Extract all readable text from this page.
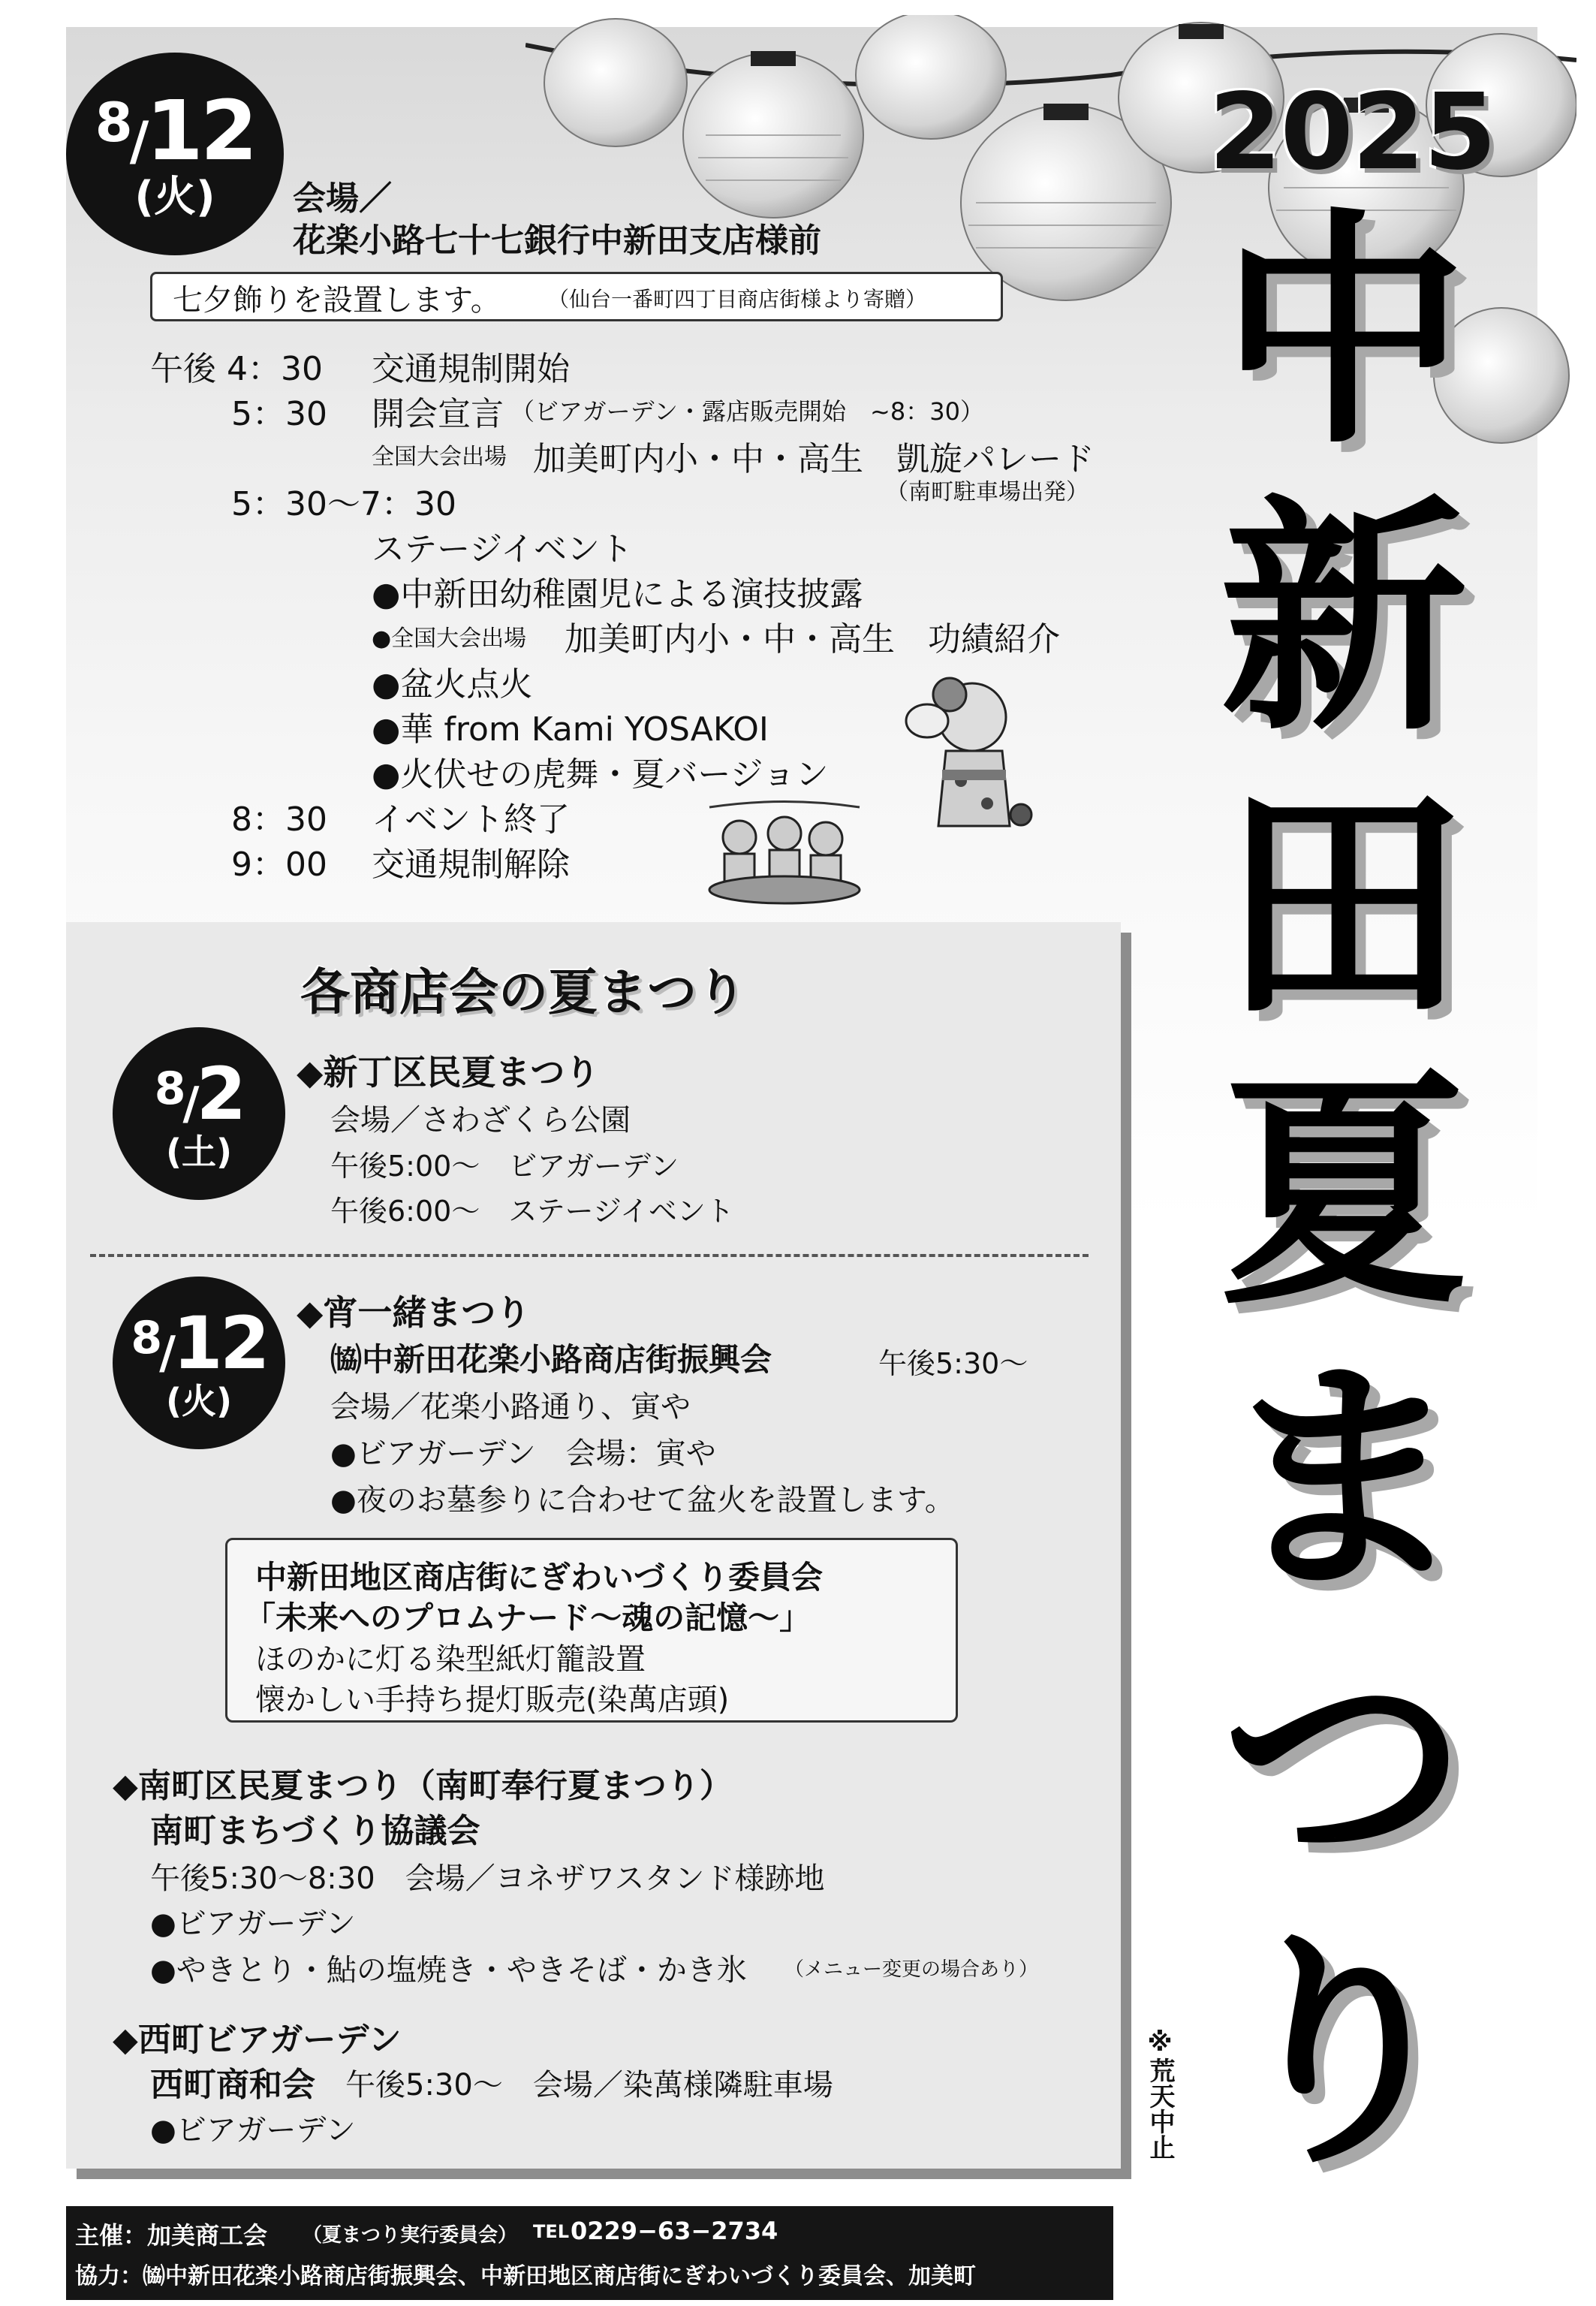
$^8$/12
(火) 会場／
花楽小路七十七銀行中新田支店様前
七夕飾りを設置します。 （仙台一番町四丁目商店街様より寄贈）
午後 4：30 交通規制開始
5：30 開会宣言 （ビアガーデン・露店販売開始　~8：30）
全国大会出場 加美町内小・中・高生　凱旋パレード
（南町駐車場出発）
5：30〜7：30
ステージイベント
●中新田幼稚園児による演技披露
●全国大会出場 加美町内小・中・高生　功績紹介
●盆火点火
●華 from Kami YOSAKOI
●火伏せの虎舞・夏バージョン
8：30 イベント終了
9：00 交通規制解除
2025
中
新
田
夏
ま
つ
り
※荒天中止
各商店会の夏まつり
$^8$/2
(土)
◆新丁区民夏まつり
会場／さわざくら公園
午後5:00〜　ビアガーデン
午後6:00〜　ステージイベント
$^8$/12
(火)
◆宵一緒まつり
㈿中新田花楽小路商店街振興会	午後5:30〜
会場／花楽小路通り、寅や
●ビアガーデン　会場：寅や
●夜のお墓参りに合わせて盆火を設置します。
中新田地区商店街にぎわいづくり委員会
「未来へのプロムナード〜魂の記憶〜」
ほのかに灯る染型紙灯籠設置
懐かしい手持ち提灯販売(染萬店頭)
◆南町区民夏まつり（南町奉行夏まつり）
南町まちづくり協議会
午後5:30〜8:30　会場／ヨネザワスタンド様跡地
●ビアガーデン
●やきとり・鮎の塩焼き・やきそば・かき氷 （メニュー変更の場合あり）
◆西町ビアガーデン
西町商和会 午後5:30〜　会場／染萬様隣駐車場
●ビアガーデン
主催：加美商工会 （夏まつり実行委員会） TEL 0229−63−2734
協力：㈿中新田花楽小路商店街振興会、中新田地区商店街にぎわいづくり委員会、加美町
